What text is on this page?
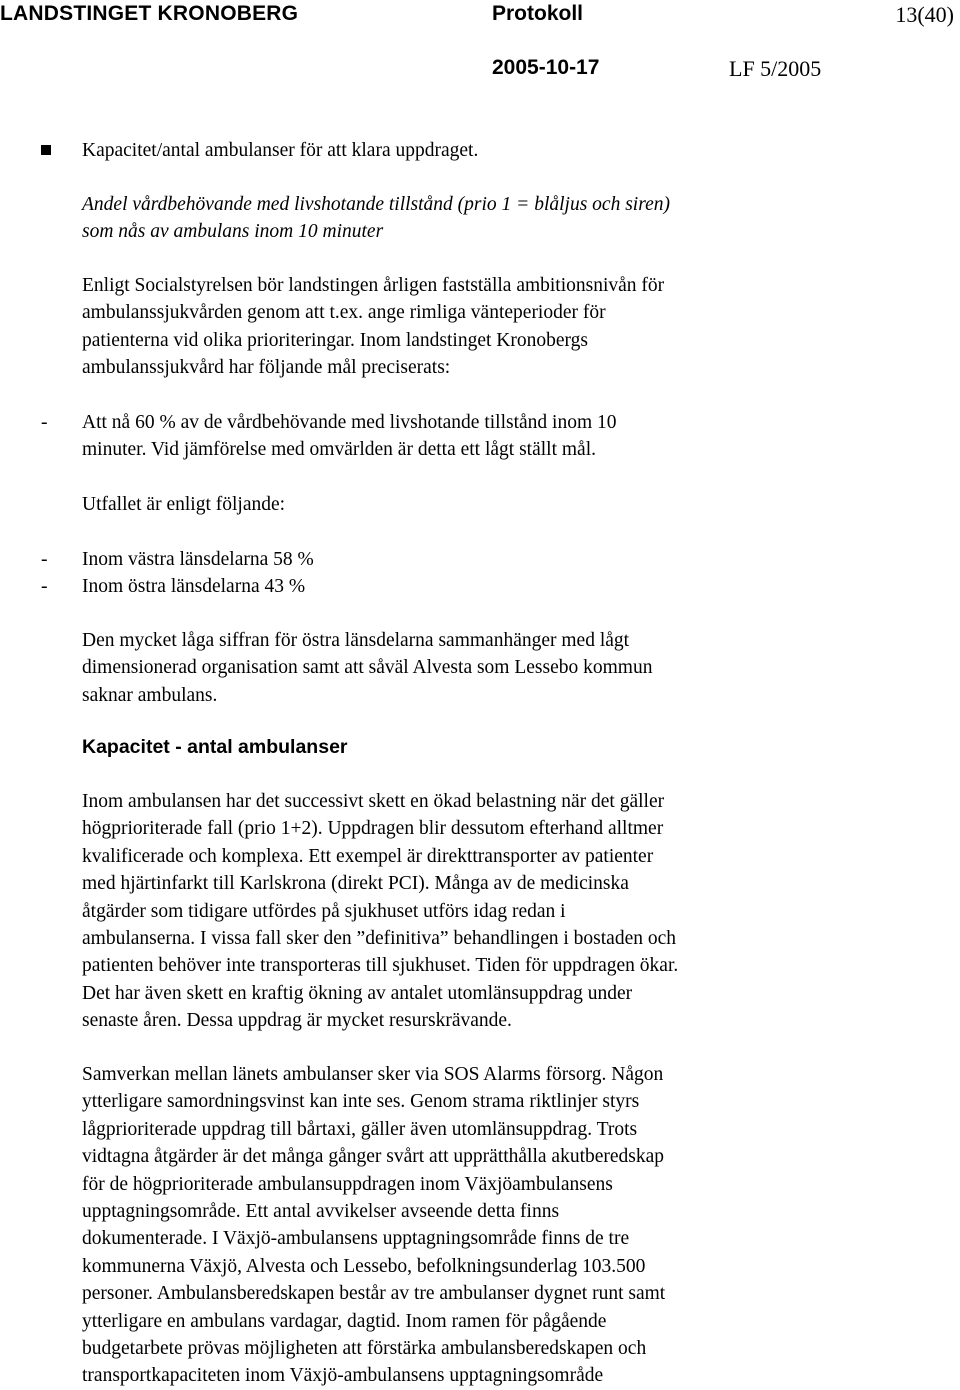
LANDSTINGET KRONOBERG	Protokoll	13(40)
2005-10-17	LF 5/2005
Kapacitet/antal ambulanser för att klara uppdraget.
Andel vårdbehövande med livshotande tillstånd (prio 1 = blåljus och siren)
som nås av ambulans inom 10 minuter
Enligt Socialstyrelsen bör landstingen årligen fastställa ambitionsnivån för
ambulanssjukvården genom att t.ex. ange rimliga vänteperioder för
patienterna vid olika prioriteringar. Inom landstinget Kronobergs
ambulanssjukvård har följande mål preciserats:
- Att nå 60 % av de vårdbehövande med livshotande tillstånd inom 10
minuter. Vid jämförelse med omvärlden är detta ett lågt ställt mål.
Utfallet är enligt följande:
- Inom västra länsdelarna 58 %
- Inom östra länsdelarna 43 %
Den mycket låga siffran för östra länsdelarna sammanhänger med lågt
dimensionerad organisation samt att såväl Alvesta som Lessebo kommun
saknar ambulans.
Kapacitet - antal ambulanser
Inom ambulansen har det successivt skett en ökad belastning när det gäller
högprioriterade fall (prio 1+2). Uppdragen blir dessutom efterhand alltmer
kvalificerade och komplexa. Ett exempel är direkttransporter av patienter
med hjärtinfarkt till Karlskrona (direkt PCI). Många av de medicinska
åtgärder som tidigare utfördes på sjukhuset utförs idag redan i
ambulanserna. I vissa fall sker den ”definitiva” behandlingen i bostaden och
patienten behöver inte transporteras till sjukhuset. Tiden för uppdragen ökar.
Det har även skett en kraftig ökning av antalet utomlänsuppdrag under
senaste åren. Dessa uppdrag är mycket resurskrävande.
Samverkan mellan länets ambulanser sker via SOS Alarms försorg. Någon
ytterligare samordningsvinst kan inte ses. Genom strama riktlinjer styrs
lågprioriterade uppdrag till bårtaxi, gäller även utomlänsuppdrag. Trots
vidtagna åtgärder är det många gånger svårt att upprätthålla akutberedskap
för de högprioriterade ambulansuppdragen inom Växjöambulansens
upptagningsområde. Ett antal avvikelser avseende detta finns
dokumenterade. I Växjö-ambulansens upptagningsområde finns de tre
kommunerna Växjö, Alvesta och Lessebo, befolkningsunderlag 103.500
personer. Ambulansberedskapen består av tre ambulanser dygnet runt samt
ytterligare en ambulans vardagar, dagtid. Inom ramen för pågående
budgetarbete prövas möjligheten att förstärka ambulansberedskapen och
transportkapaciteten inom Växjö-ambulansens upptagningsområde
